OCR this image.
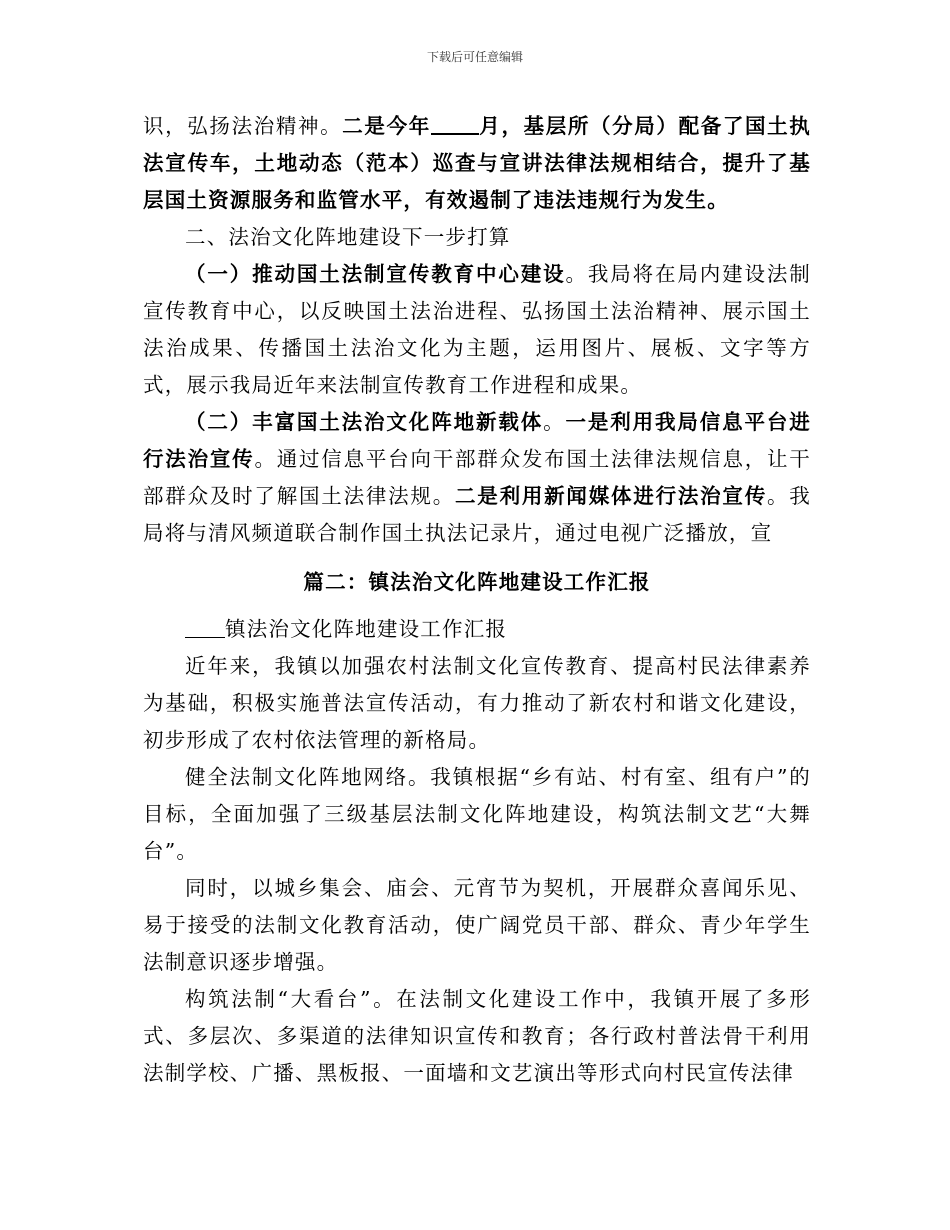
下载后可任意编辑

识，弘扬法治精神。二是今年 月，基层所（分局）配备了国土执法宣传车，土地动态（范本）巡查与宣讲法律法规相结合，提升了基层国土资源服务和监管水平，有效遏制了违法违规行为发生。

二、法治文化阵地建设下一步打算

（一）推动国土法制宣传教育中心建设。我局将在局内建设法制宣传教育中心，以反映国土法治进程、弘扬国土法治精神、展示国土法治成果、传播国土法治文化为主题，运用图片、展板、文字等方式，展示我局近年来法制宣传教育工作进程和成果。

（二）丰富国土法治文化阵地新载体。一是利用我局信息平台进行法治宣传。通过信息平台向干部群众发布国土法律法规信息，让干部群众及时了解国土法律法规。二是利用新闻媒体进行法治宣传。我局将与清风频道联合制作国土执法记录片，通过电视广泛播放，宣

篇二：镇法治文化阵地建设工作汇报

镇法治文化阵地建设工作汇报

近年来，我镇以加强农村法制文化宣传教育、提高村民法律素养为基础，积极实施普法宣传活动，有力推动了新农村和谐文化建设，初步形成了农村依法管理的新格局。

健全法制文化阵地网络。我镇根据“乡有站、村有室、组有户”的目标，全面加强了三级基层法制文化阵地建设，构筑法制文艺“大舞台”。

同时，以城乡集会、庙会、元宵节为契机，开展群众喜闻乐见、易于接受的法制文化教育活动，使广阔党员干部、群众、青少年学生法制意识逐步增强。

构筑法制“大看台”。在法制文化建设工作中，我镇开展了多形式、多层次、多渠道的法律知识宣传和教育；各行政村普法骨干利用法制学校、广播、黑板报、一面墙和文艺演出等形式向村民宣传法律
